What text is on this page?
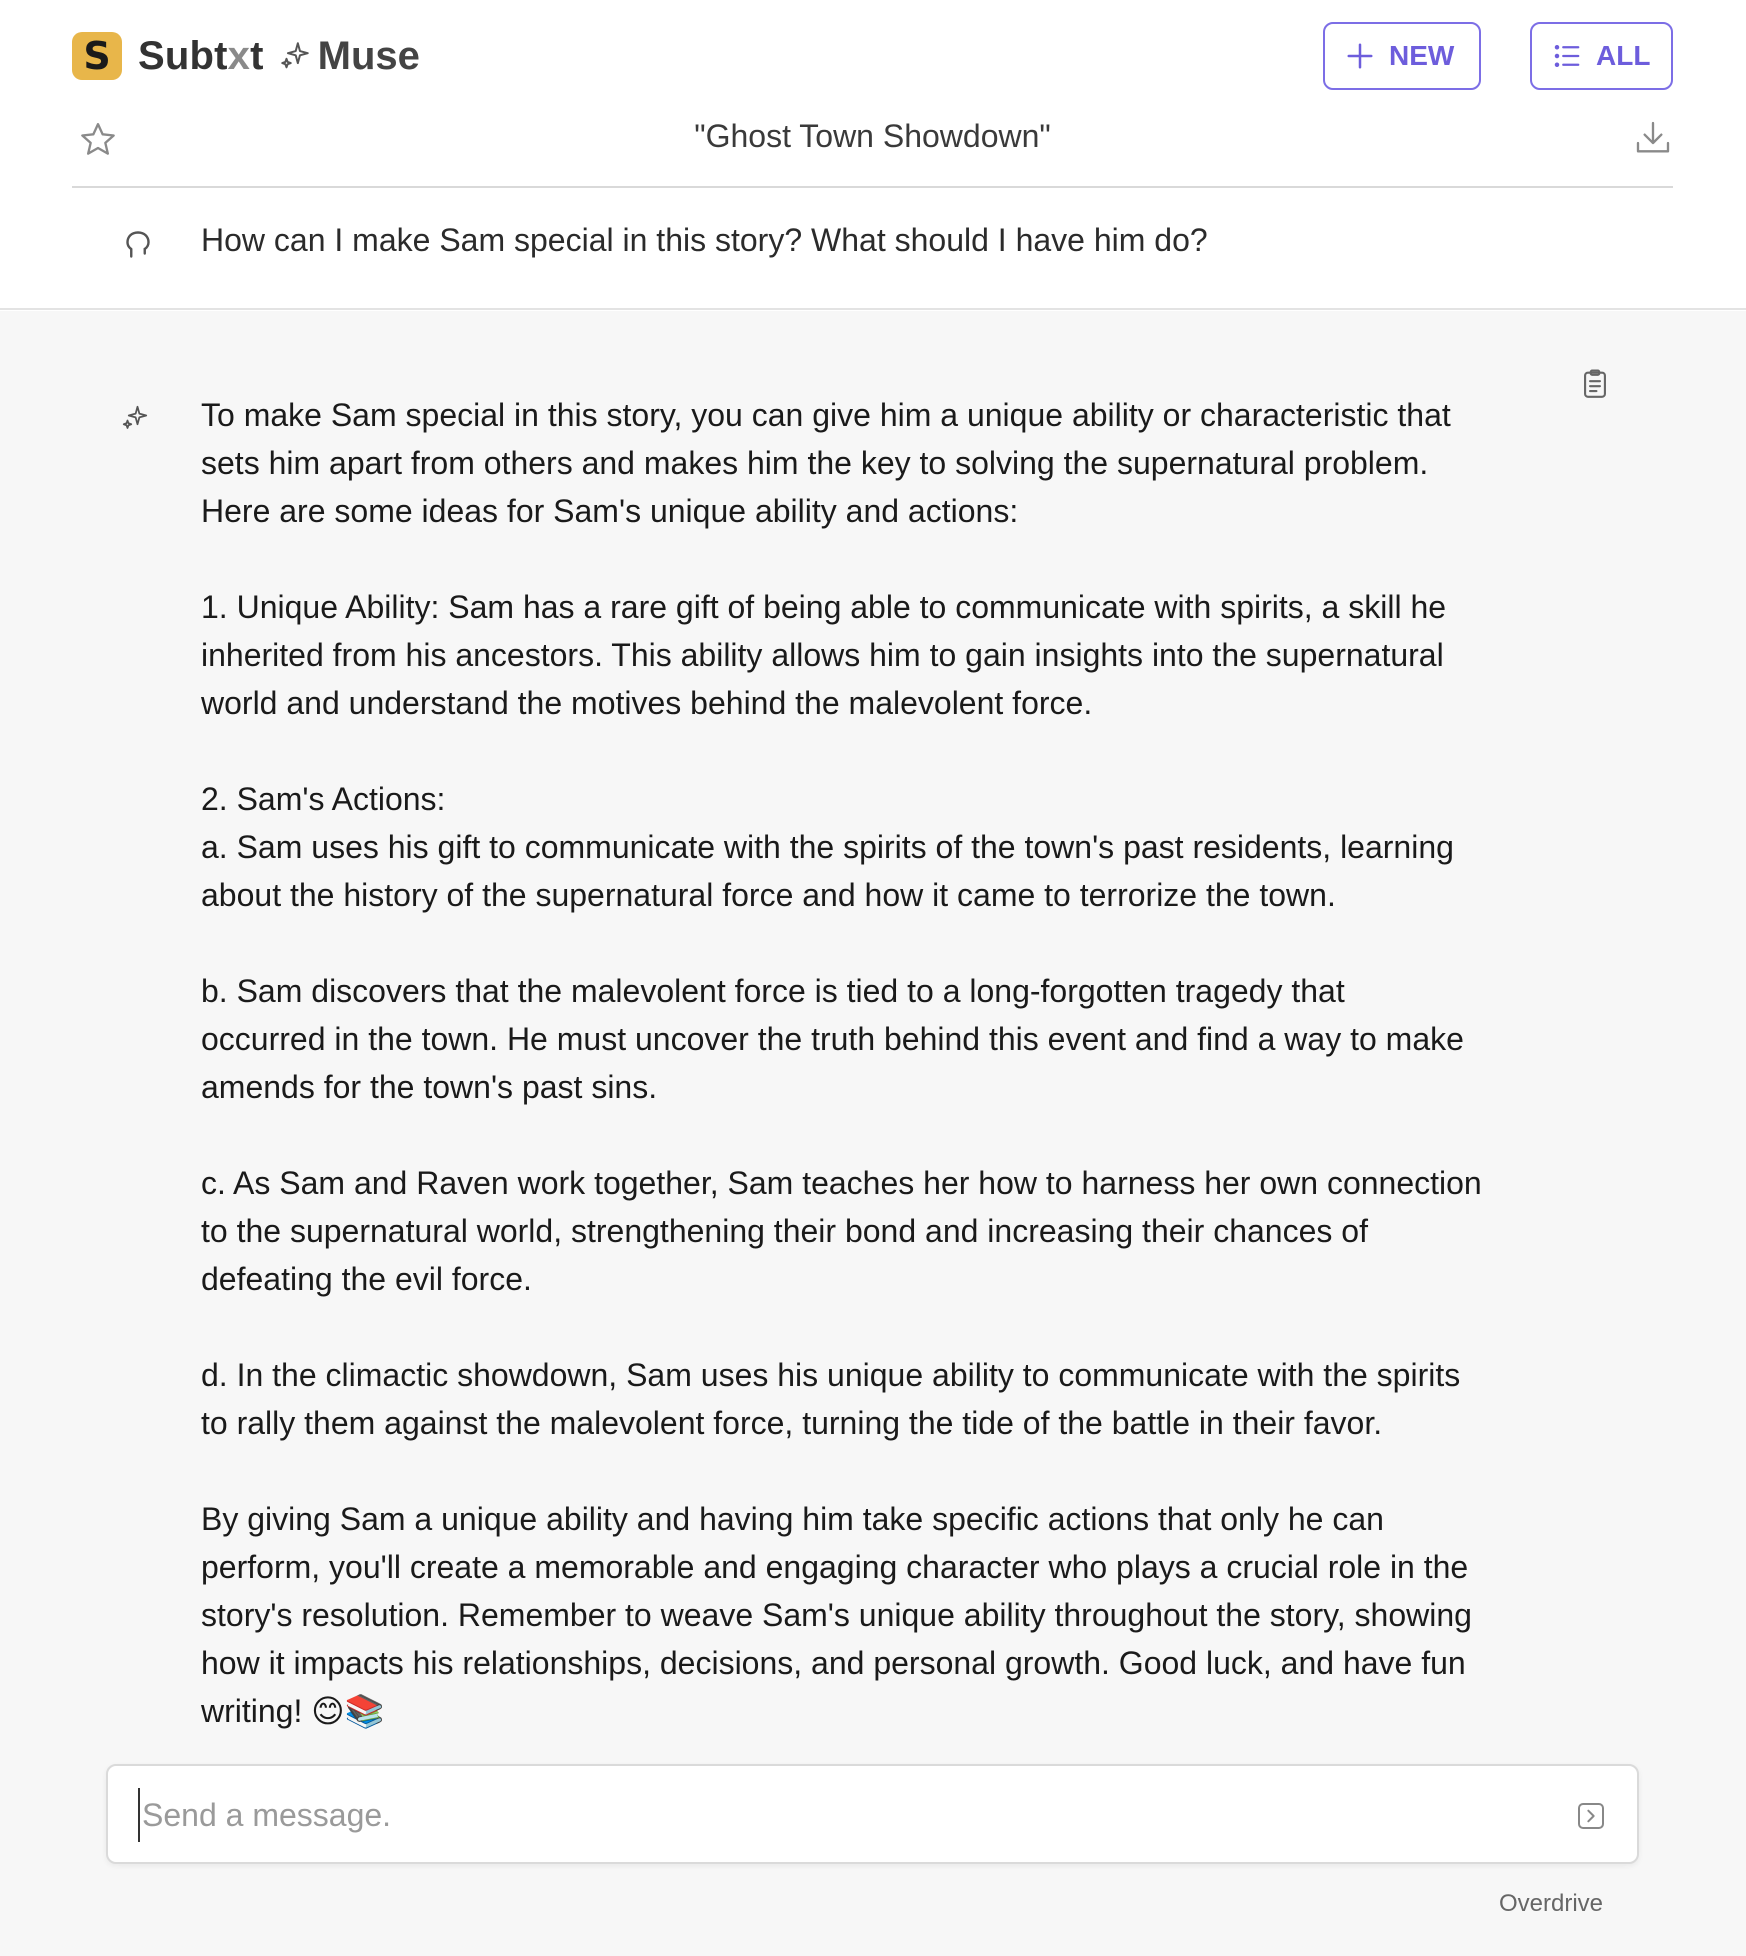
S Subtxt Muse	NEW	ALL
"Ghost Town Showdown"
How can I make Sam special in this story? What should I have him do?

To make Sam special in this story, you can give him a unique ability or characteristic that
sets him apart from others and makes him the key to solving the supernatural problem.
Here are some ideas for Sam's unique ability and actions:

1. Unique Ability: Sam has a rare gift of being able to communicate with spirits, a skill he
inherited from his ancestors. This ability allows him to gain insights into the supernatural
world and understand the motives behind the malevolent force.

2. Sam's Actions:
a. Sam uses his gift to communicate with the spirits of the town's past residents, learning
about the history of the supernatural force and how it came to terrorize the town.

b. Sam discovers that the malevolent force is tied to a long-forgotten tragedy that
occurred in the town. He must uncover the truth behind this event and find a way to make
amends for the town's past sins.

c. As Sam and Raven work together, Sam teaches her how to harness her own connection
to the supernatural world, strengthening their bond and increasing their chances of
defeating the evil force.

d. In the climactic showdown, Sam uses his unique ability to communicate with the spirits
to rally them against the malevolent force, turning the tide of the battle in their favor.

By giving Sam a unique ability and having him take specific actions that only he can
perform, you'll create a memorable and engaging character who plays a crucial role in the
story's resolution. Remember to weave Sam's unique ability throughout the story, showing
how it impacts his relationships, decisions, and personal growth. Good luck, and have fun
writing! 😊📚

Send a message.
Overdrive
